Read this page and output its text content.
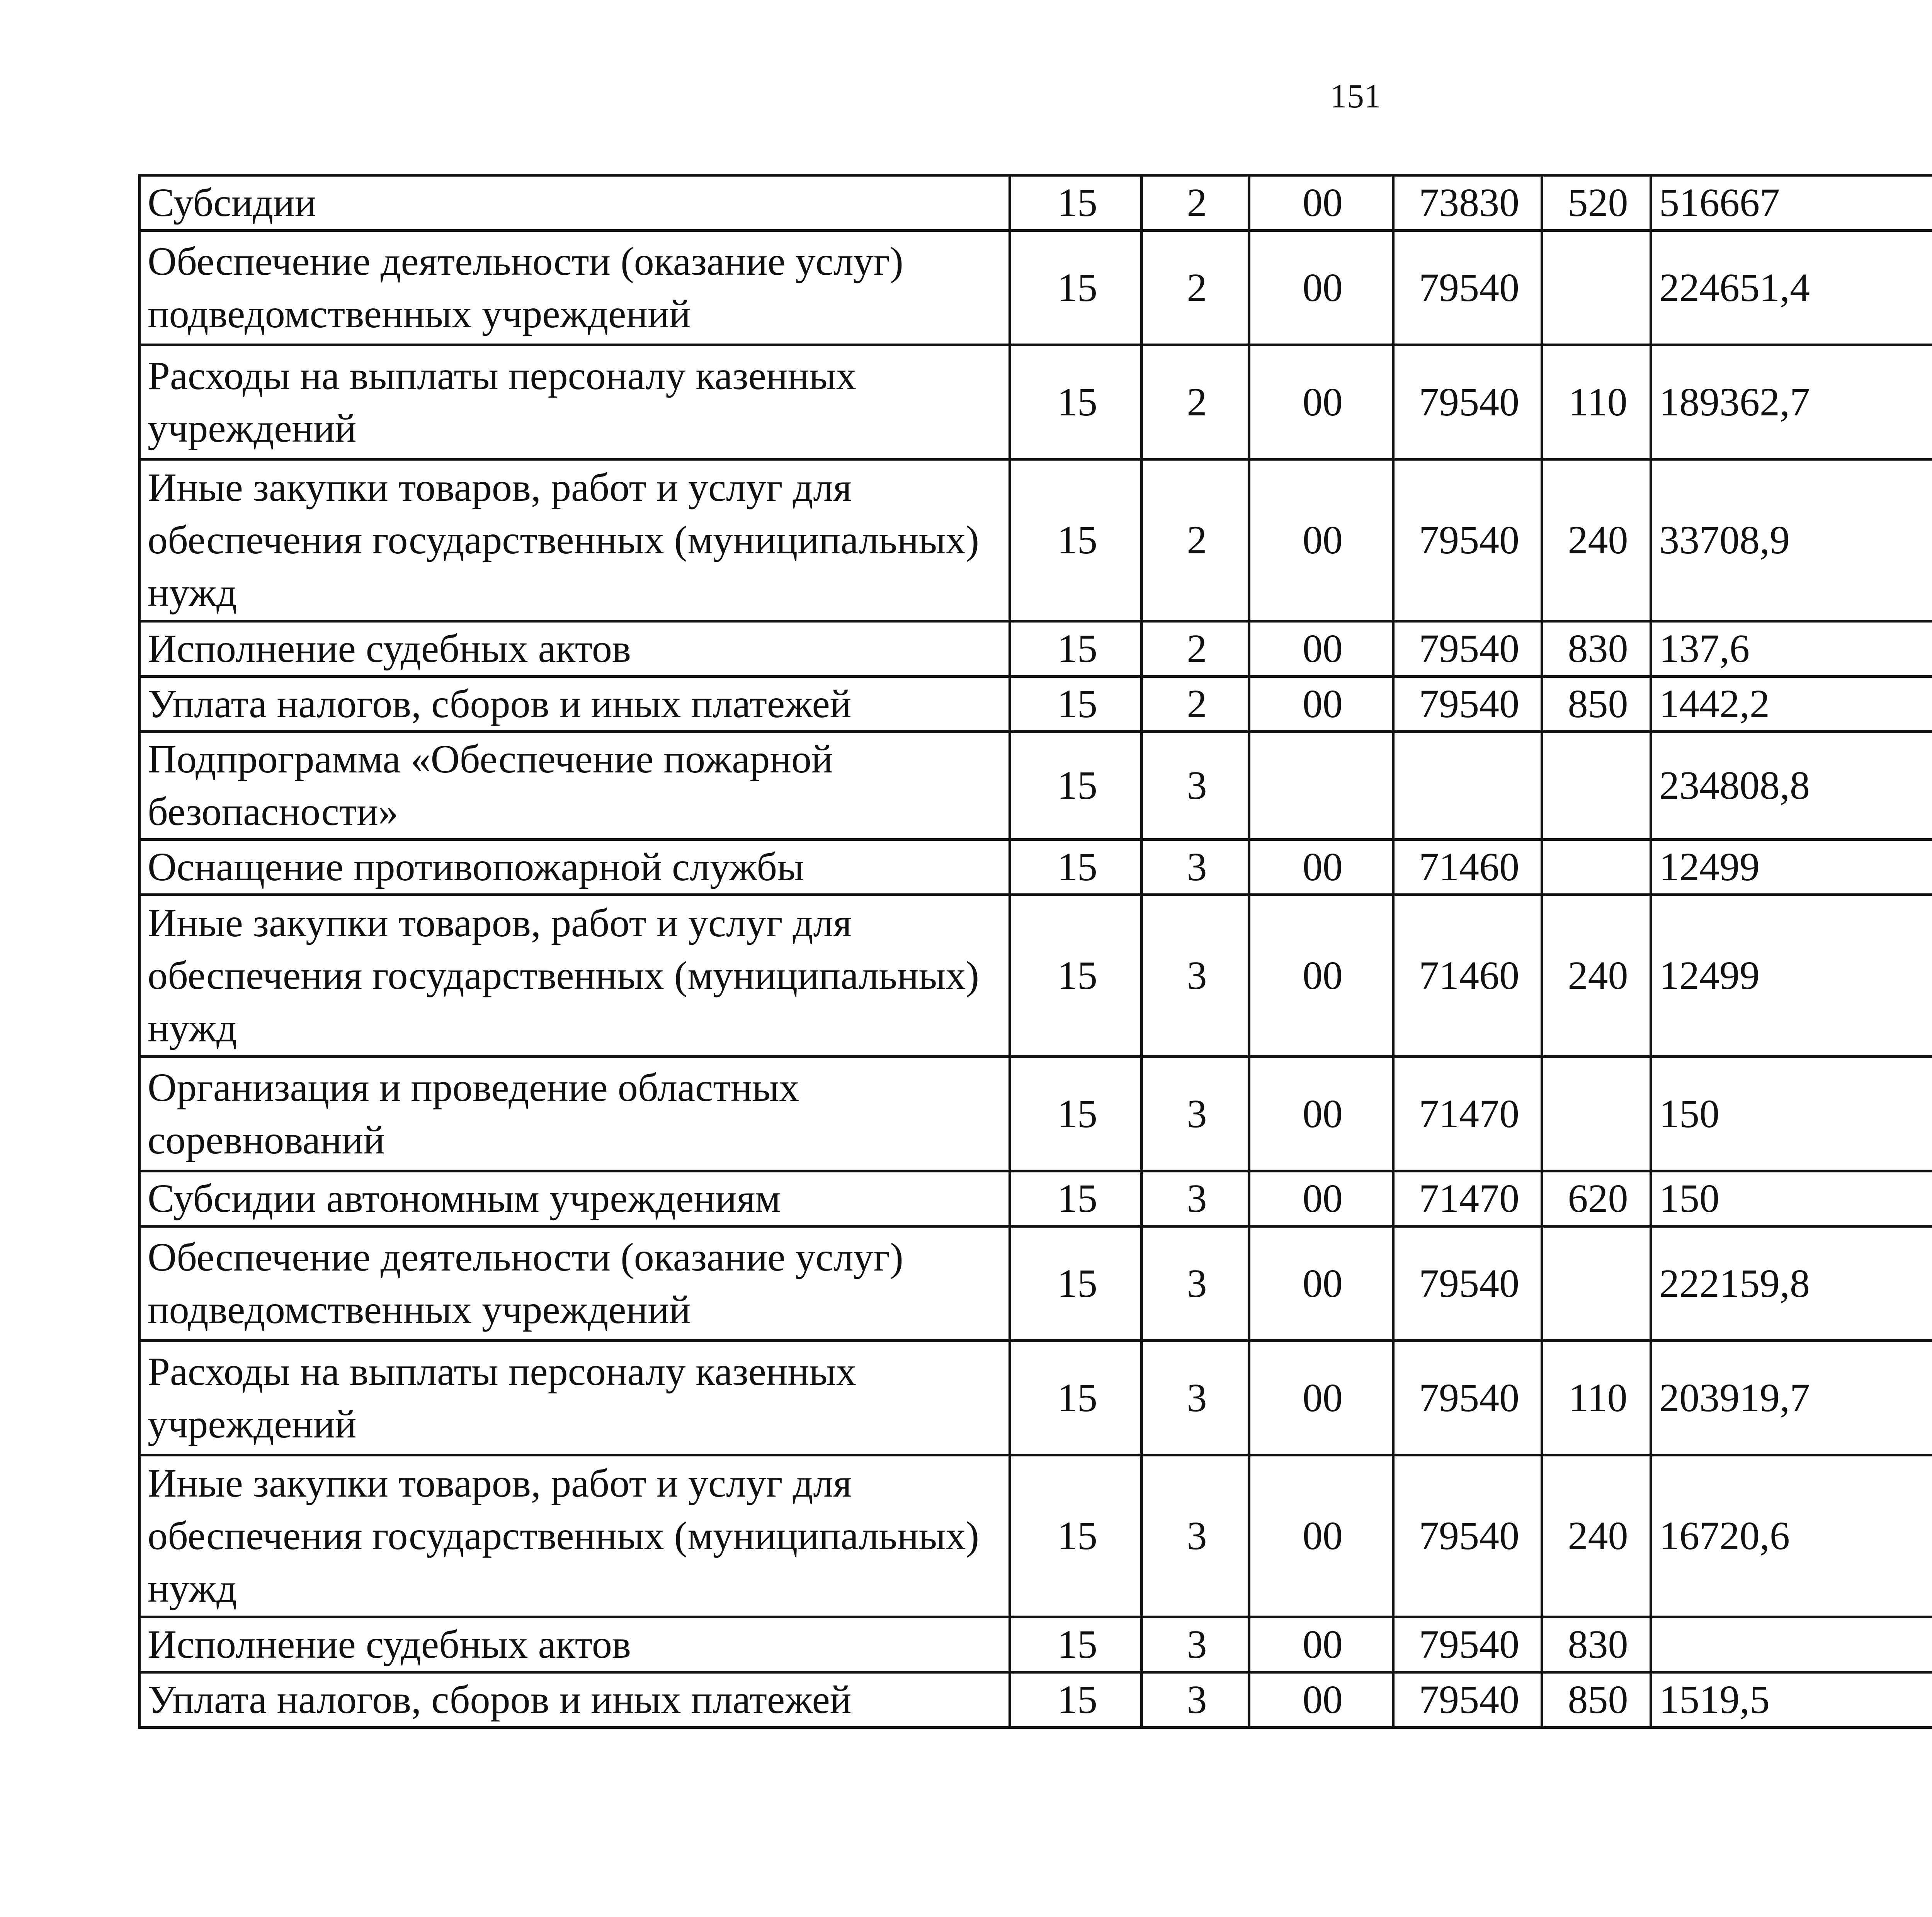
151
Субсидии	15	2	00	73830	520	516667		
Обеспечение деятельности (оказание услуг) подведомственных учреждений	15	2	00	79540		224651,4		
Расходы на выплаты персоналу казенных учреждений	15	2	00	79540	110	189362,7		
Иные закупки товаров, работ и услуг для обеспечения государственных (муниципальных) нужд	15	2	00	79540	240	33708,9		
Исполнение судебных актов	15	2	00	79540	830	137,6		
Уплата налогов, сборов и иных платежей	15	2	00	79540	850	1442,2		
Подпрограмма «Обеспечение пожарной безопасности»	15	3				234808,8		
Оснащение противопожарной службы	15	3	00	71460		12499		
Иные закупки товаров, работ и услуг для обеспечения государственных (муниципальных) нужд	15	3	00	71460	240	12499		
Организация и проведение областных соревнований	15	3	00	71470		150		
Субсидии автономным учреждениям	15	3	00	71470	620	150		
Обеспечение деятельности (оказание услуг) подведомственных учреждений	15	3	00	79540		222159,8		
Расходы на выплаты персоналу казенных учреждений	15	3	00	79540	110	203919,7		
Иные закупки товаров, работ и услуг для обеспечения государственных (муниципальных) нужд	15	3	00	79540	240	16720,6		
Исполнение судебных актов	15	3	00	79540	830			
Уплата налогов, сборов и иных платежей	15	3	00	79540	850	1519,5		
